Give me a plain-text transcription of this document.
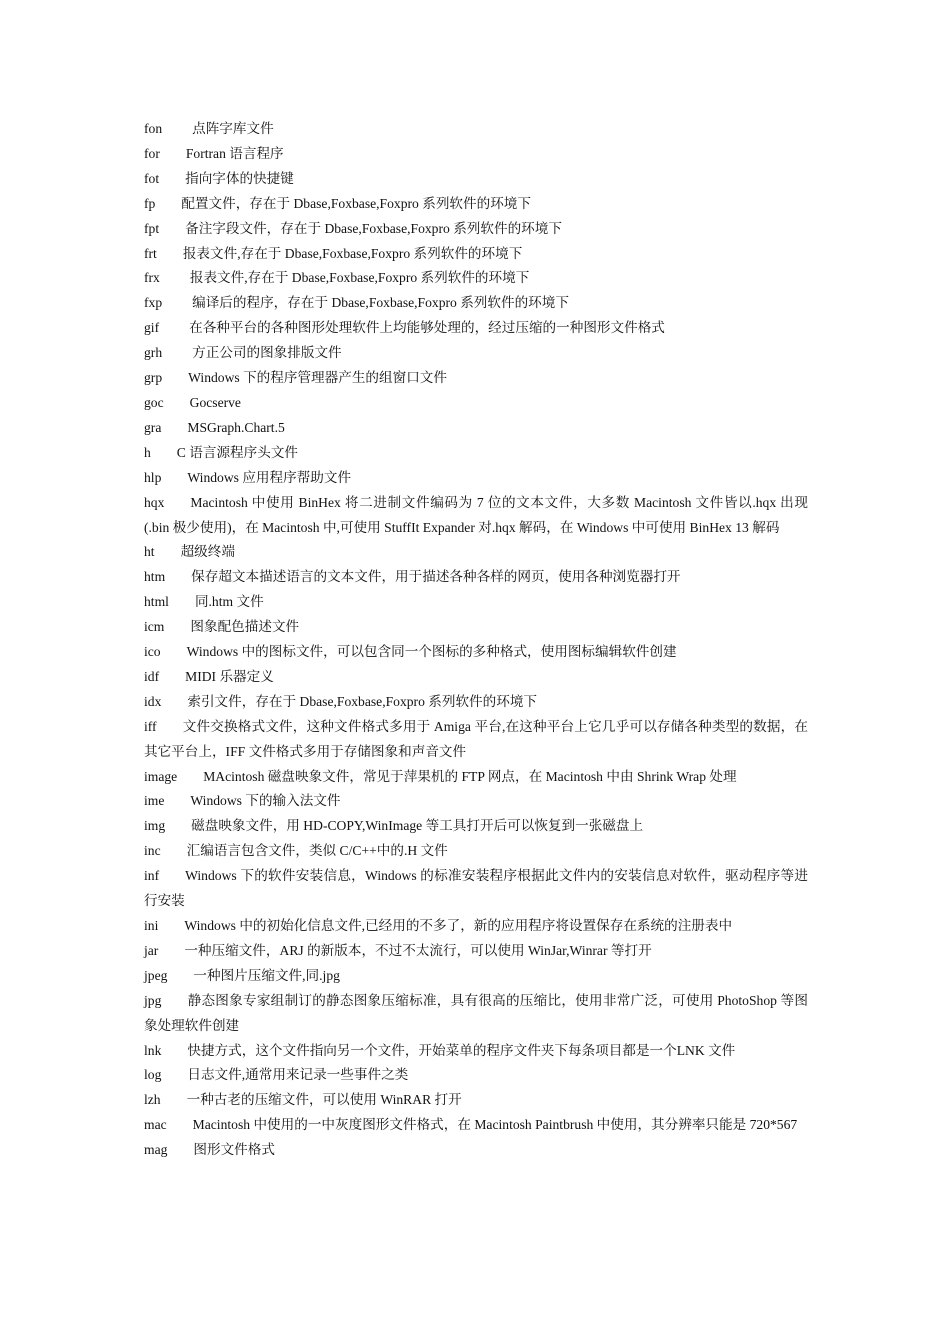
fon 点阵字库文件

for Fortran 语言程序

fot 指向字体的快捷键

fp 配置文件，存在于 Dbase,Foxbase,Foxpro 系列软件的环境下

fpt 备注字段文件，存在于 Dbase,Foxbase,Foxpro 系列软件的环境下

frt 报表文件,存在于 Dbase,Foxbase,Foxpro 系列软件的环境下

frx 报表文件,存在于 Dbase,Foxbase,Foxpro 系列软件的环境下

fxp 编译后的程序，存在于 Dbase,Foxbase,Foxpro 系列软件的环境下

gif 在各种平台的各种图形处理软件上均能够处理的，经过压缩的一种图形文件格式

grh 方正公司的图象排版文件

grp Windows 下的程序管理器产生的组窗口文件

goc Gocserve

gra MSGraph.Chart.5

h C 语言源程序头文件

hlp Windows 应用程序帮助文件

hqx Macintosh 中使用 BinHex 将二进制文件编码为 7 位的文本文件，大多数 Macintosh 文件皆以.hqx 出现(.bin 极少使用)，在 Macintosh 中,可使用 StuffIt Expander 对.hqx 解码，在 Windows 中可使用 BinHex 13 解码

ht 超级终端

htm 保存超文本描述语言的文本文件，用于描述各种各样的网页，使用各种浏览器打开

html 同.htm 文件

icm 图象配色描述文件

ico Windows 中的图标文件，可以包含同一个图标的多种格式，使用图标编辑软件创建

idf MIDI 乐器定义

idx 索引文件，存在于 Dbase,Foxbase,Foxpro 系列软件的环境下

iff 文件交换格式文件，这种文件格式多用于 Amiga 平台,在这种平台上它几乎可以存储各种类型的数据，在其它平台上，IFF 文件格式多用于存储图象和声音文件

image MAcintosh 磁盘映象文件，常见于萍果机的 FTP 网点，在 Macintosh 中由 Shrink Wrap 处理

ime Windows 下的输入法文件

img 磁盘映象文件，用 HD-COPY,WinImage 等工具打开后可以恢复到一张磁盘上

inc 汇编语言包含文件，类似 C/C++中的.H 文件

inf Windows 下的软件安装信息，Windows 的标准安装程序根据此文件内的安装信息对软件，驱动程序等进行安装

ini Windows 中的初始化信息文件,已经用的不多了，新的应用程序将设置保存在系统的注册表中

jar 一种压缩文件，ARJ 的新版本，不过不太流行，可以使用 WinJar,Winrar 等打开

jpeg 一种图片压缩文件,同.jpg

jpg 静态图象专家组制订的静态图象压缩标准，具有很高的压缩比，使用非常广泛，可使用 PhotoShop 等图象处理软件创建

lnk 快捷方式，这个文件指向另一个文件，开始菜单的程序文件夹下每条项目都是一个LNK 文件

log 日志文件,通常用来记录一些事件之类

lzh 一种古老的压缩文件，可以使用 WinRAR 打开

mac Macintosh 中使用的一中灰度图形文件格式，在 Macintosh Paintbrush 中使用，其分辨率只能是 720*567

mag 图形文件格式
